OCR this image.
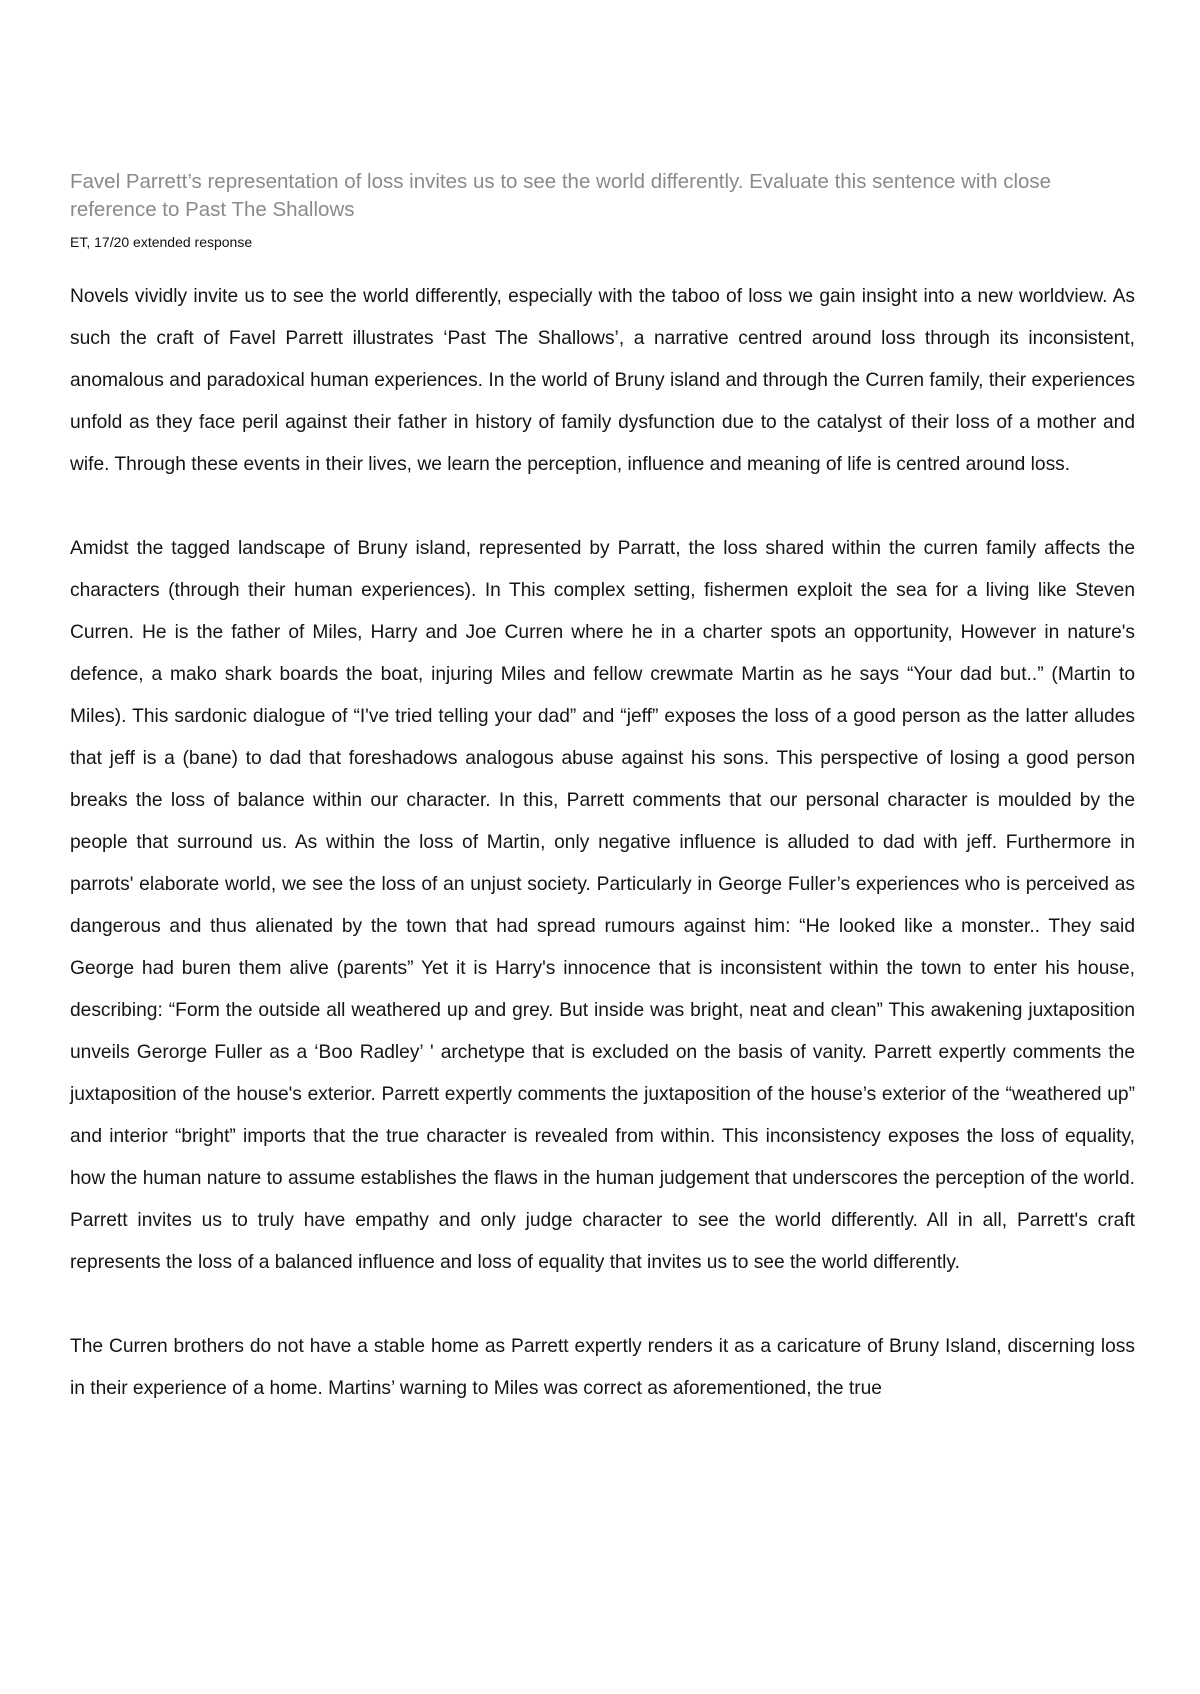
Favel Parrett’s representation of loss invites us to see the world differently. Evaluate this sentence with close reference to Past The Shallows
ET, 17/20 extended response

Novels vividly invite us to see the world differently, especially with the taboo of loss we gain insight into a new worldview. As such the craft of Favel Parrett illustrates ‘Past The Shallows’, a narrative centred around loss through its inconsistent, anomalous and paradoxical human experiences. In the world of Bruny island and through the Curren family, their experiences unfold as they face peril against their father in history of family dysfunction due to the catalyst of their loss of a mother and wife. Through these events in their lives, we learn the perception, influence and meaning of life is centred around loss.

Amidst the tagged landscape of Bruny island, represented by Parratt, the loss shared within the curren family affects the characters (through their human experiences). In This complex setting, fishermen exploit the sea for a living like Steven Curren. He is the father of Miles, Harry and Joe Curren where he in a charter spots an opportunity, However in nature's defence, a mako shark boards the boat, injuring Miles and fellow crewmate Martin as he says “Your dad but..” (Martin to Miles). This sardonic dialogue of “I've tried telling your dad” and “jeff” exposes the loss of a good person as the latter alludes that jeff is a (bane) to dad that foreshadows analogous abuse against his sons. This perspective of losing a good person breaks the loss of balance within our character. In this, Parrett comments that our personal character is moulded by the people that surround us. As within the loss of Martin, only negative influence is alluded to dad with jeff. Furthermore in parrots' elaborate world, we see the loss of an unjust society. Particularly in George Fuller’s experiences who is perceived as dangerous and thus alienated by the town that had spread rumours against him: “He looked like a monster.. They said George had buren them alive (parents” Yet it is Harry's innocence that is inconsistent within the town to enter his house, describing: “Form the outside all weathered up and grey. But inside was bright, neat and clean” This awakening juxtaposition unveils Gerorge Fuller as a ‘Boo Radley’ ' archetype that is excluded on the basis of vanity. Parrett expertly comments the juxtaposition of the house's exterior. Parrett expertly comments the juxtaposition of the house’s exterior of the “weathered up” and interior “bright” imports that the true character is revealed from within. This inconsistency exposes the loss of equality, how the human nature to assume establishes the flaws in the human judgement that underscores the perception of the world. Parrett invites us to truly have empathy and only judge character to see the world differently. All in all, Parrett's craft represents the loss of a balanced influence and loss of equality that invites us to see the world differently.

The Curren brothers do not have a stable home as Parrett expertly renders it as a caricature of Bruny Island, discerning loss in their experience of a home. Martins’ warning to Miles was correct as aforementioned, the true
